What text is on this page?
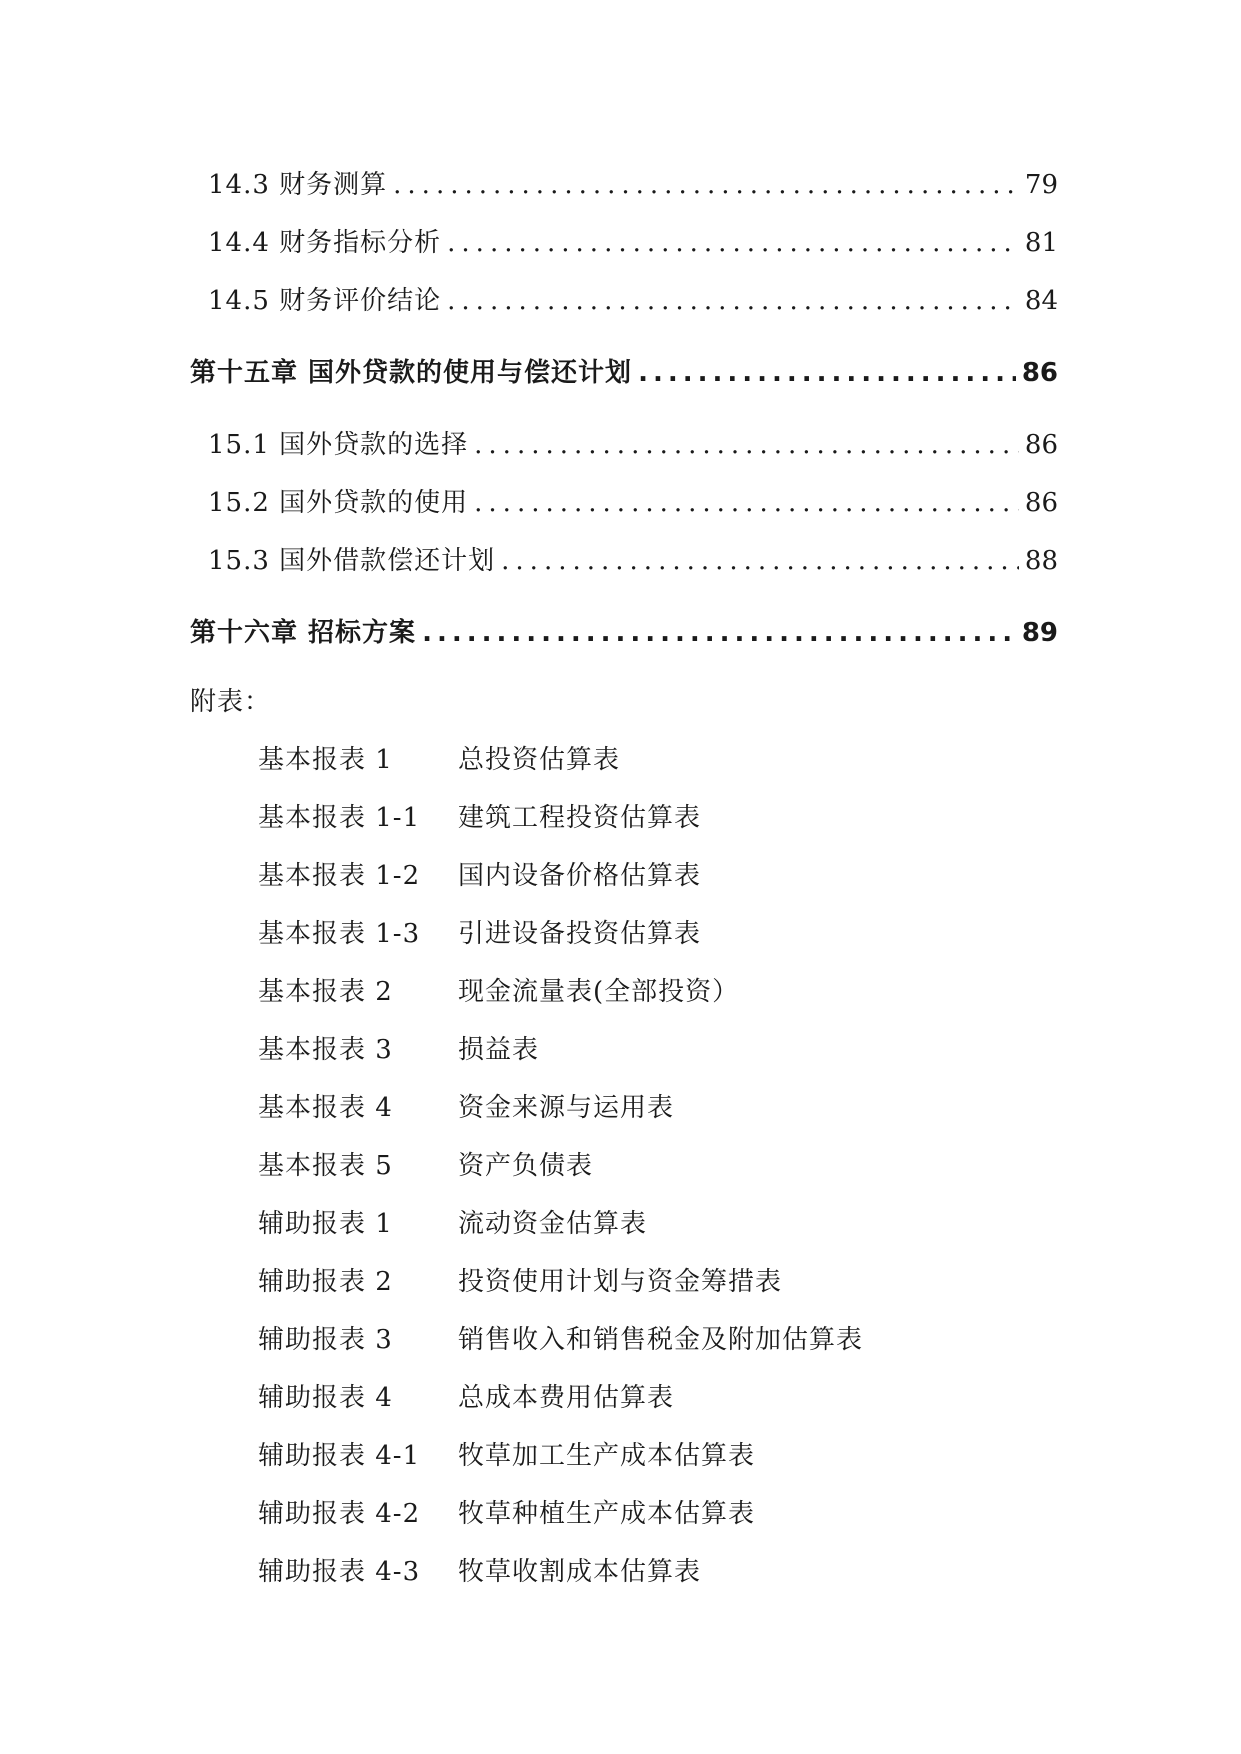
14.3 财务测算 .....	79
14.4 财务指标分析 .....	81
14.5 财务评价结论 .....	84
第十五章 国外贷款的使用与偿还计划 .....	86
15.1 国外贷款的选择 .....	86
15.2 国外贷款的使用 .....	86
15.3 国外借款偿还计划 .....	88
第十六章 招标方案 .....	89
附表：
基本报表 1	总投资估算表
基本报表 1-1	建筑工程投资估算表
基本报表 1-2	国内设备价格估算表
基本报表 1-3	引进设备投资估算表
基本报表 2	现金流量表(全部投资）
基本报表 3	损益表
基本报表 4	资金来源与运用表
基本报表 5	资产负债表
辅助报表 1	流动资金估算表
辅助报表 2	投资使用计划与资金筹措表
辅助报表 3	销售收入和销售税金及附加估算表
辅助报表 4	总成本费用估算表
辅助报表 4-1	牧草加工生产成本估算表
辅助报表 4-2	牧草种植生产成本估算表
辅助报表 4-3	牧草收割成本估算表
